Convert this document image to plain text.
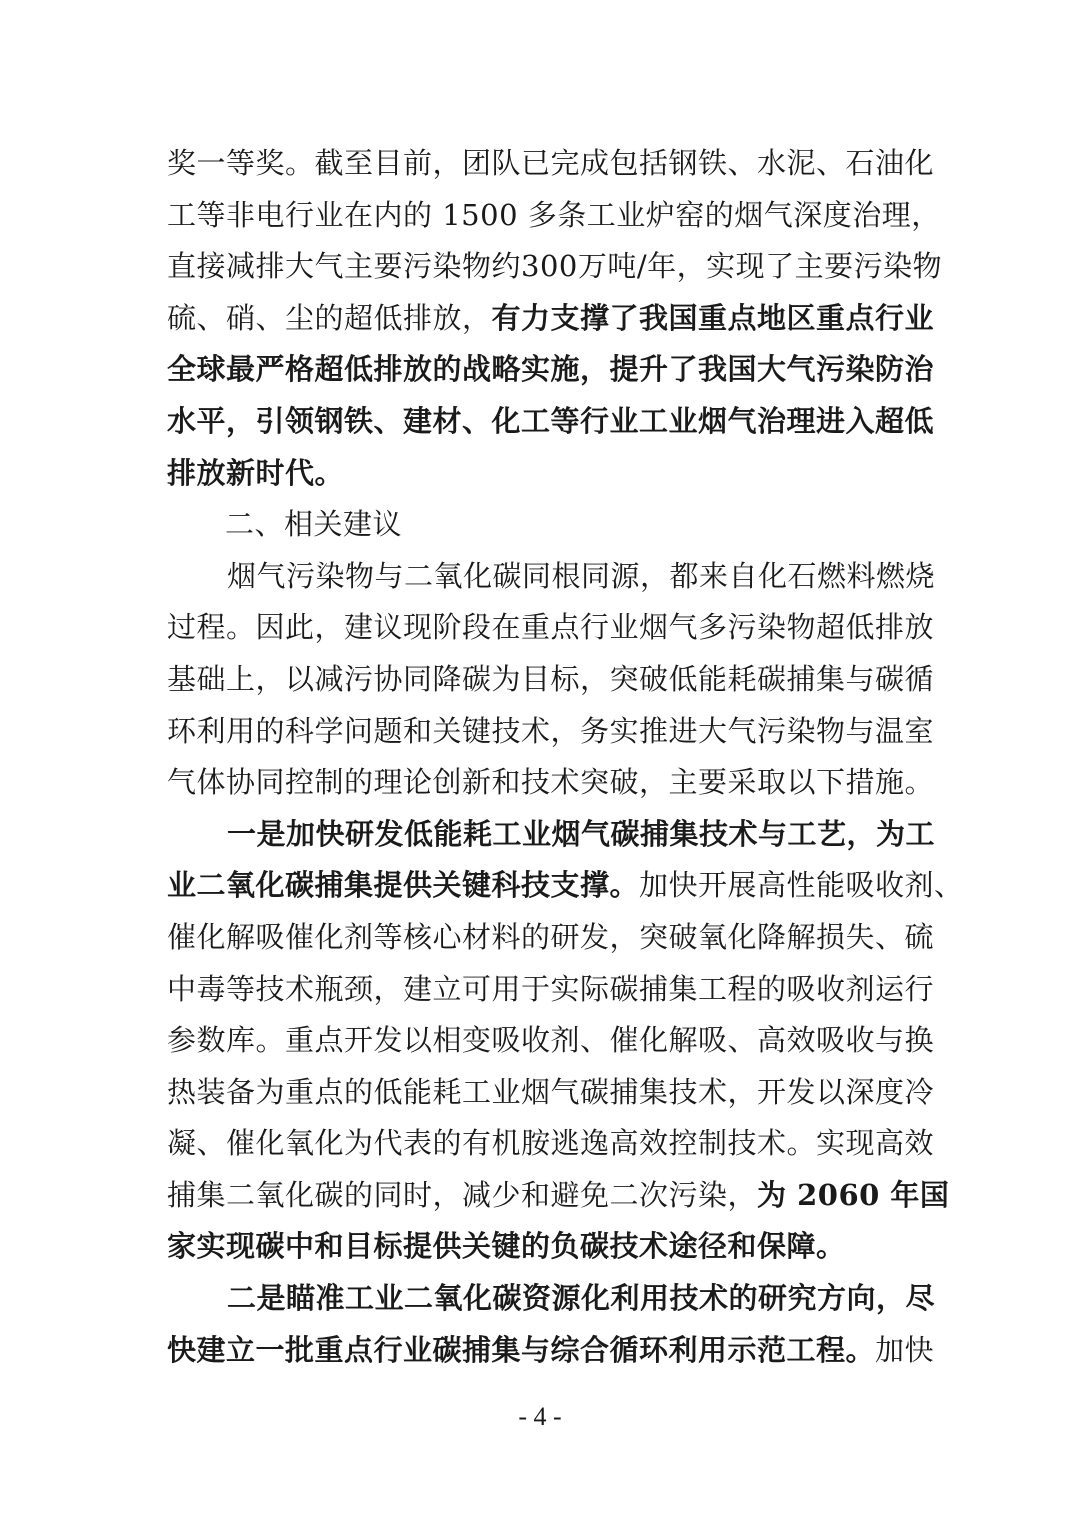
奖一等奖。截至目前，团队已完成包括钢铁、水泥、石油化
工等非电行业在内的 1500 多条工业炉窑的烟气深度治理，
直接减排大气主要污染物约300万吨/年，实现了主要污染物
硫、硝、尘的超低排放，有力支撑了我国重点地区重点行业
全球最严格超低排放的战略实施，提升了我国大气污染防治
水平，引领钢铁、建材、化工等行业工业烟气治理进入超低
排放新时代。
二、相关建议
烟气污染物与二氧化碳同根同源，都来自化石燃料燃烧
过程。因此，建议现阶段在重点行业烟气多污染物超低排放
基础上，以减污协同降碳为目标，突破低能耗碳捕集与碳循
环利用的科学问题和关键技术，务实推进大气污染物与温室
气体协同控制的理论创新和技术突破，主要采取以下措施。
一是加快研发低能耗工业烟气碳捕集技术与工艺，为工
业二氧化碳捕集提供关键科技支撑。加快开展高性能吸收剂、
催化解吸催化剂等核心材料的研发，突破氧化降解损失、硫
中毒等技术瓶颈，建立可用于实际碳捕集工程的吸收剂运行
参数库。重点开发以相变吸收剂、催化解吸、高效吸收与换
热装备为重点的低能耗工业烟气碳捕集技术，开发以深度冷
凝、催化氧化为代表的有机胺逃逸高效控制技术。实现高效
捕集二氧化碳的同时，减少和避免二次污染，为 2060 年国
家实现碳中和目标提供关键的负碳技术途径和保障。
二是瞄准工业二氧化碳资源化利用技术的研究方向，尽
快建立一批重点行业碳捕集与综合循环利用示范工程。加快
- 4 -
